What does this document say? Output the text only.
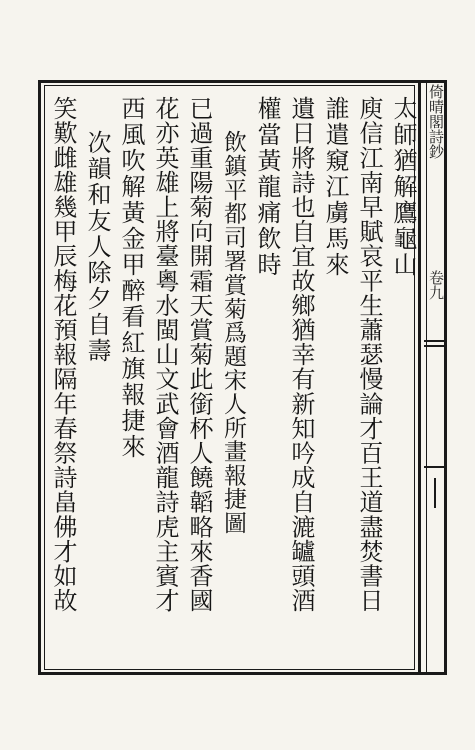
倚晴閣詩鈔
卷九
太師猶解鷹龜山
庾信江南早賦哀平生蕭瑟慢論才百王道盡焚書日
誰遣窺江虜馬來
遺日將詩也自宜故鄉猶幸有新知吟成自漉罏頭酒
權當黃龍痛飲時
飲鎮平都司署賞菊爲題宋人所畫報捷圖
已過重陽菊向開霜天賞菊此銜杯人饒韜略來香國
花亦英雄上將臺粵水閩山文武會酒龍詩虎主賓才
西風吹解黃金甲醉看紅旗報捷來
次韻和友人除夕自壽
笑歎雌雄幾甲辰梅花預報隔年春祭詩畠佛才如故
